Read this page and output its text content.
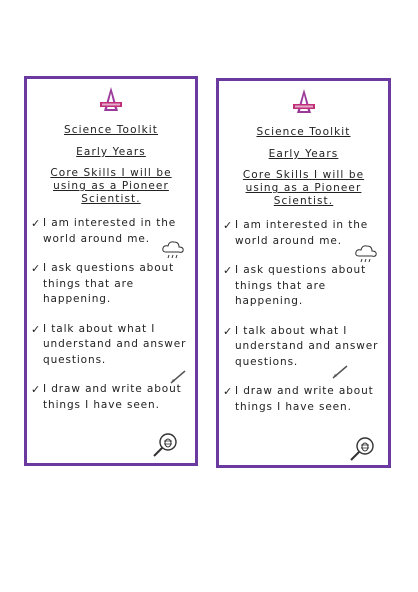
Science Toolkit

Early Years

Core Skills I will be using as a Pioneer Scientist.

✓ I am interested in the world around me.
✓ I ask questions about things that are happening.
✓ I talk about what I understand and answer questions.
✓ I draw and write about things I have seen.

Science Toolkit

Early Years

Core Skills I will be using as a Pioneer Scientist.

✓ I am interested in the world around me.
✓ I ask questions about things that are happening.
✓ I talk about what I understand and answer questions.
✓ I draw and write about things I have seen.
